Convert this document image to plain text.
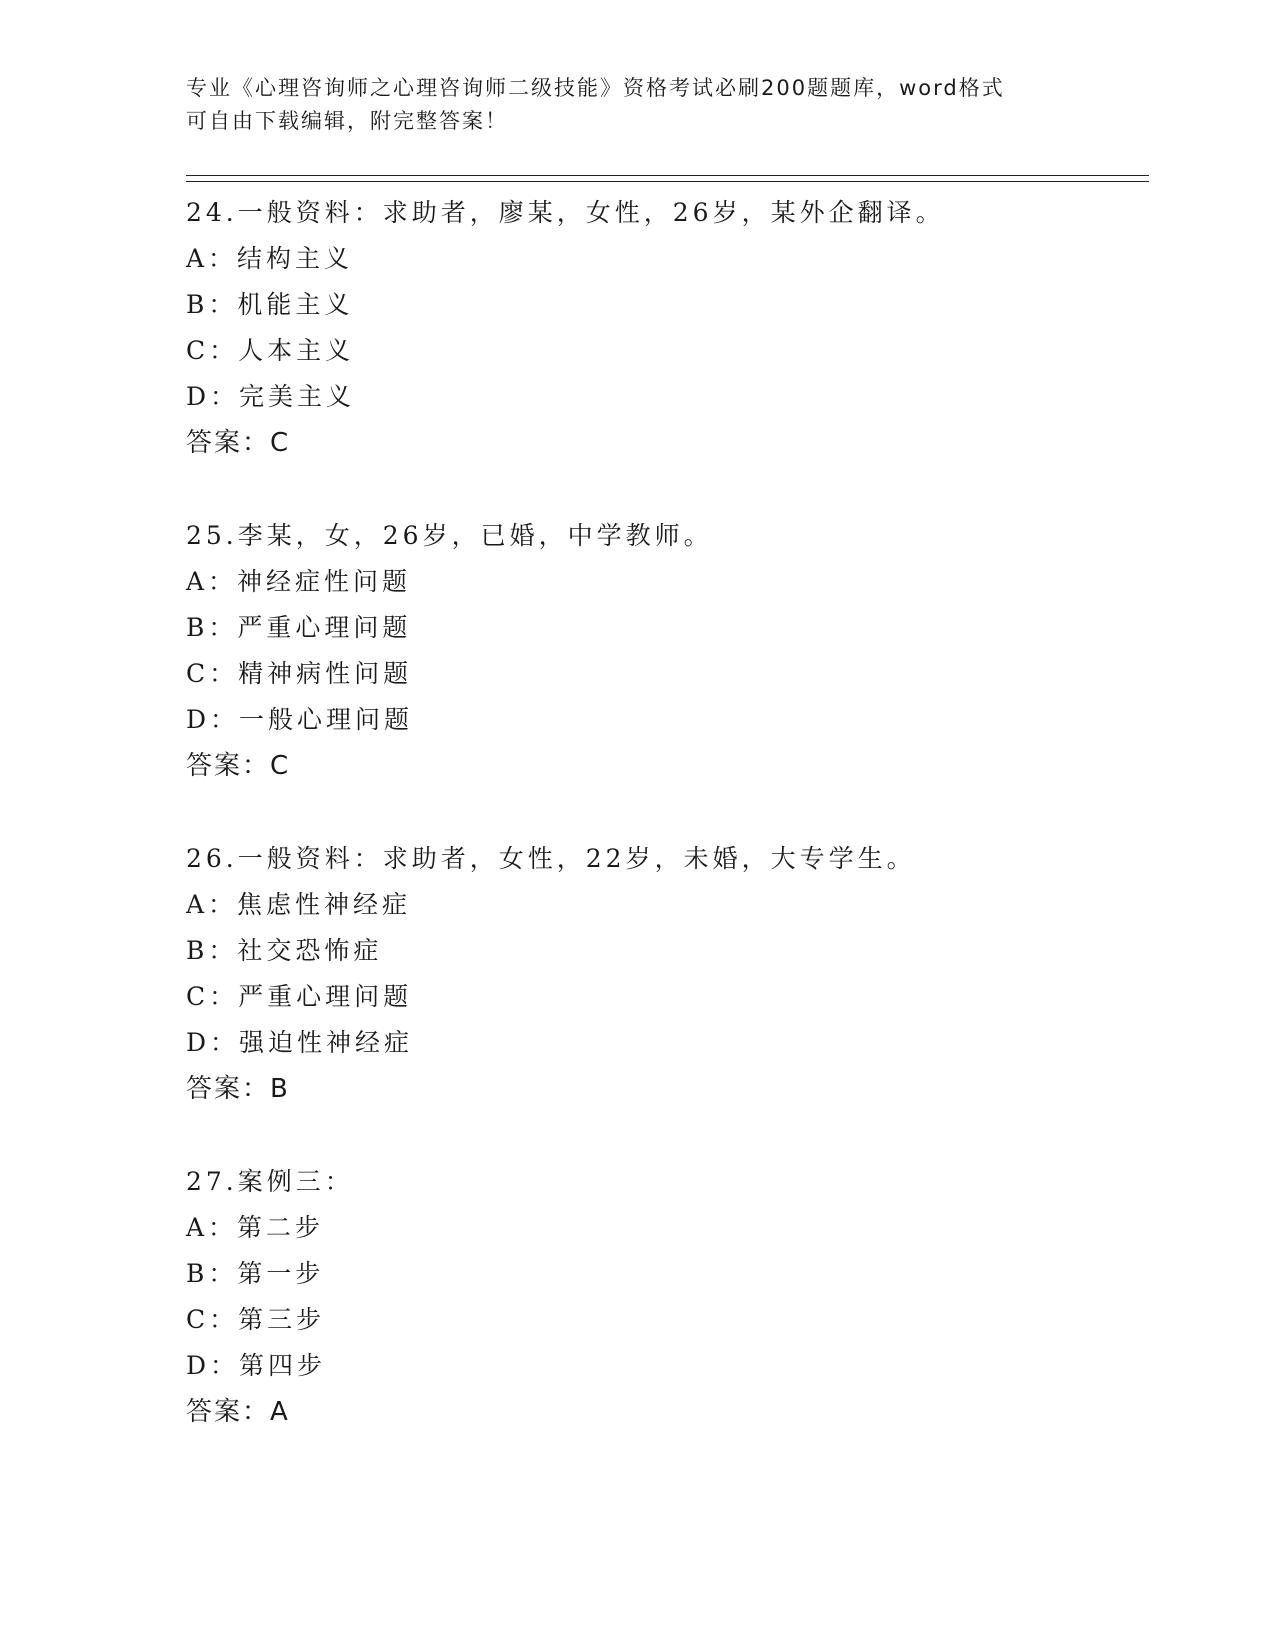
专业《心理咨询师之心理咨询师二级技能》资格考试必刷200题题库，word格式
可自由下载编辑，附完整答案！
24.一般资料：求助者，廖某，女性，26岁，某外企翻译。
A：结构主义
B：机能主义
C：人本主义
D：完美主义
答案：C
25.李某，女，26岁，已婚，中学教师。
A：神经症性问题
B：严重心理问题
C：精神病性问题
D：一般心理问题
答案：C
26.一般资料：求助者，女性，22岁，未婚，大专学生。
A：焦虑性神经症
B：社交恐怖症
C：严重心理问题
D：强迫性神经症
答案：B
27.案例三：
A：第二步
B：第一步
C：第三步
D：第四步
答案：A
